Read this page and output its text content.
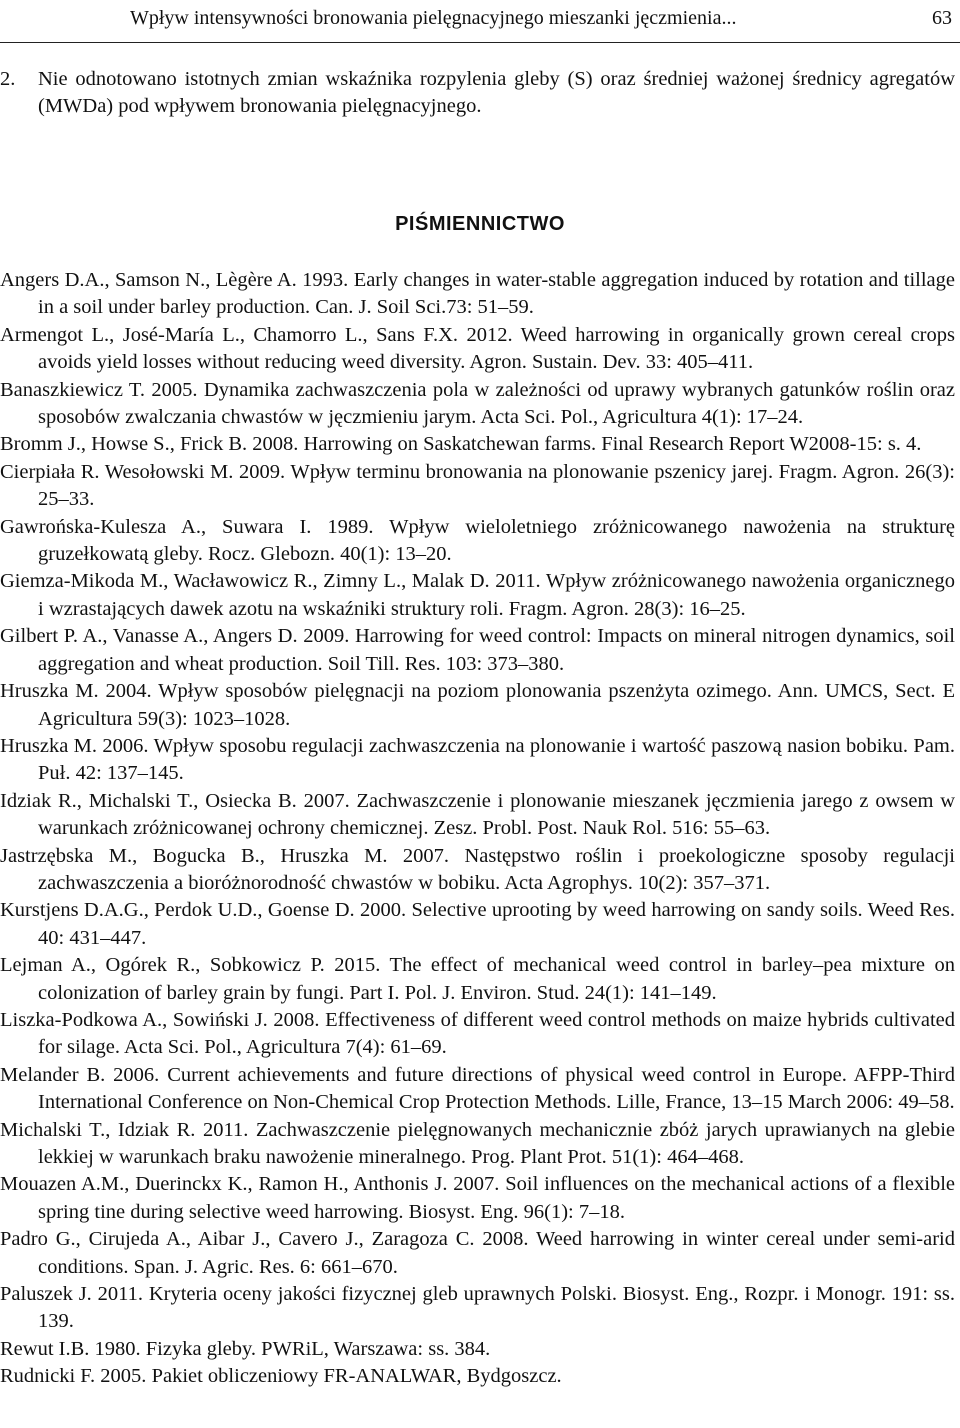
Wpływ intensywności bronowania pielęgnacyjnego mieszanki jęczmienia...	63

2. Nie odnotowano istotnych zmian wskaźnika rozpylenia gleby (S) oraz średniej ważonej średnicy agregatów (MWDa) pod wpływem bronowania pielęgnacyjnego.

PIŚMIENNICTWO
Angers D.A., Samson N., Lègère A. 1993. Early changes in water-stable aggregation induced by rotation and tillage in a soil under barley production. Can. J. Soil Sci.73: 51–59.
Armengot L., José-María L., Chamorro L., Sans F.X. 2012. Weed harrowing in organically grown cereal crops avoids yield losses without reducing weed diversity. Agron. Sustain. Dev. 33: 405–411.
Banaszkiewicz T. 2005. Dynamika zachwaszczenia pola w zależności od uprawy wybranych gatunków roślin oraz sposobów zwalczania chwastów w jęczmieniu jarym. Acta Sci. Pol., Agricultura 4(1): 17–24.
Bromm J., Howse S., Frick B. 2008. Harrowing on Saskatchewan farms. Final Research Report W2008-15: s. 4.
Cierpiała R. Wesołowski M. 2009. Wpływ terminu bronowania na plonowanie pszenicy jarej. Fragm. Agron. 26(3): 25–33.
Gawrońska-Kulesza A., Suwara I. 1989. Wpływ wieloletniego zróżnicowanego nawożenia na strukturę gruzełkowatą gleby. Rocz. Glebozn. 40(1): 13–20.
Giemza-Mikoda M., Wacławowicz R., Zimny L., Malak D. 2011. Wpływ zróżnicowanego nawożenia organicznego i wzrastających dawek azotu na wskaźniki struktury roli. Fragm. Agron. 28(3): 16–25.
Gilbert P. A., Vanasse A., Angers D. 2009. Harrowing for weed control: Impacts on mineral nitrogen dynamics, soil aggregation and wheat production. Soil Till. Res. 103: 373–380.
Hruszka M. 2004. Wpływ sposobów pielęgnacji na poziom plonowania pszenżyta ozimego. Ann. UMCS, Sect. E Agricultura 59(3): 1023–1028.
Hruszka M. 2006. Wpływ sposobu regulacji zachwaszczenia na plonowanie i wartość paszową nasion bobiku. Pam. Puł. 42: 137–145.
Idziak R., Michalski T., Osiecka B. 2007. Zachwaszczenie i plonowanie mieszanek jęczmienia jarego z owsem w warunkach zróżnicowanej ochrony chemicznej. Zesz. Probl. Post. Nauk Rol. 516: 55–63.
Jastrzębska M., Bogucka B., Hruszka M. 2007. Następstwo roślin i proekologiczne sposoby regulacji zachwaszczenia a bioróżnorodność chwastów w bobiku. Acta Agrophys. 10(2): 357–371.
Kurstjens D.A.G., Perdok U.D., Goense D. 2000. Selective uprooting by weed harrowing on sandy soils. Weed Res. 40: 431–447.
Lejman A., Ogórek R., Sobkowicz P. 2015. The effect of mechanical weed control in barley–pea mixture on colonization of barley grain by fungi. Part I. Pol. J. Environ. Stud. 24(1): 141–149.
Liszka-Podkowa A., Sowiński J. 2008. Effectiveness of different weed control methods on maize hybrids cultivated for silage. Acta Sci. Pol., Agricultura 7(4): 61–69.
Melander B. 2006. Current achievements and future directions of physical weed control in Europe. AFPP-Third International Conference on Non-Chemical Crop Protection Methods. Lille, France, 13–15 March 2006: 49–58.
Michalski T., Idziak R. 2011. Zachwaszczenie pielęgnowanych mechanicznie zbóż jarych uprawianych na glebie lekkiej w warunkach braku nawożenie mineralnego. Prog. Plant Prot. 51(1): 464–468.
Mouazen A.M., Duerinckx K., Ramon H., Anthonis J. 2007. Soil influences on the mechanical actions of a flexible spring tine during selective weed harrowing. Biosyst. Eng. 96(1): 7–18.
Padro G., Cirujeda A., Aibar J., Cavero J., Zaragoza C. 2008. Weed harrowing in winter cereal under semi-arid conditions. Span. J. Agric. Res. 6: 661–670.
Paluszek J. 2011. Kryteria oceny jakości fizycznej gleb uprawnych Polski. Biosyst. Eng., Rozpr. i Monogr. 191: ss. 139.
Rewut I.B. 1980. Fizyka gleby. PWRiL, Warszawa: ss. 384.
Rudnicki F. 2005. Pakiet obliczeniowy FR-ANALWAR, Bydgoszcz.
